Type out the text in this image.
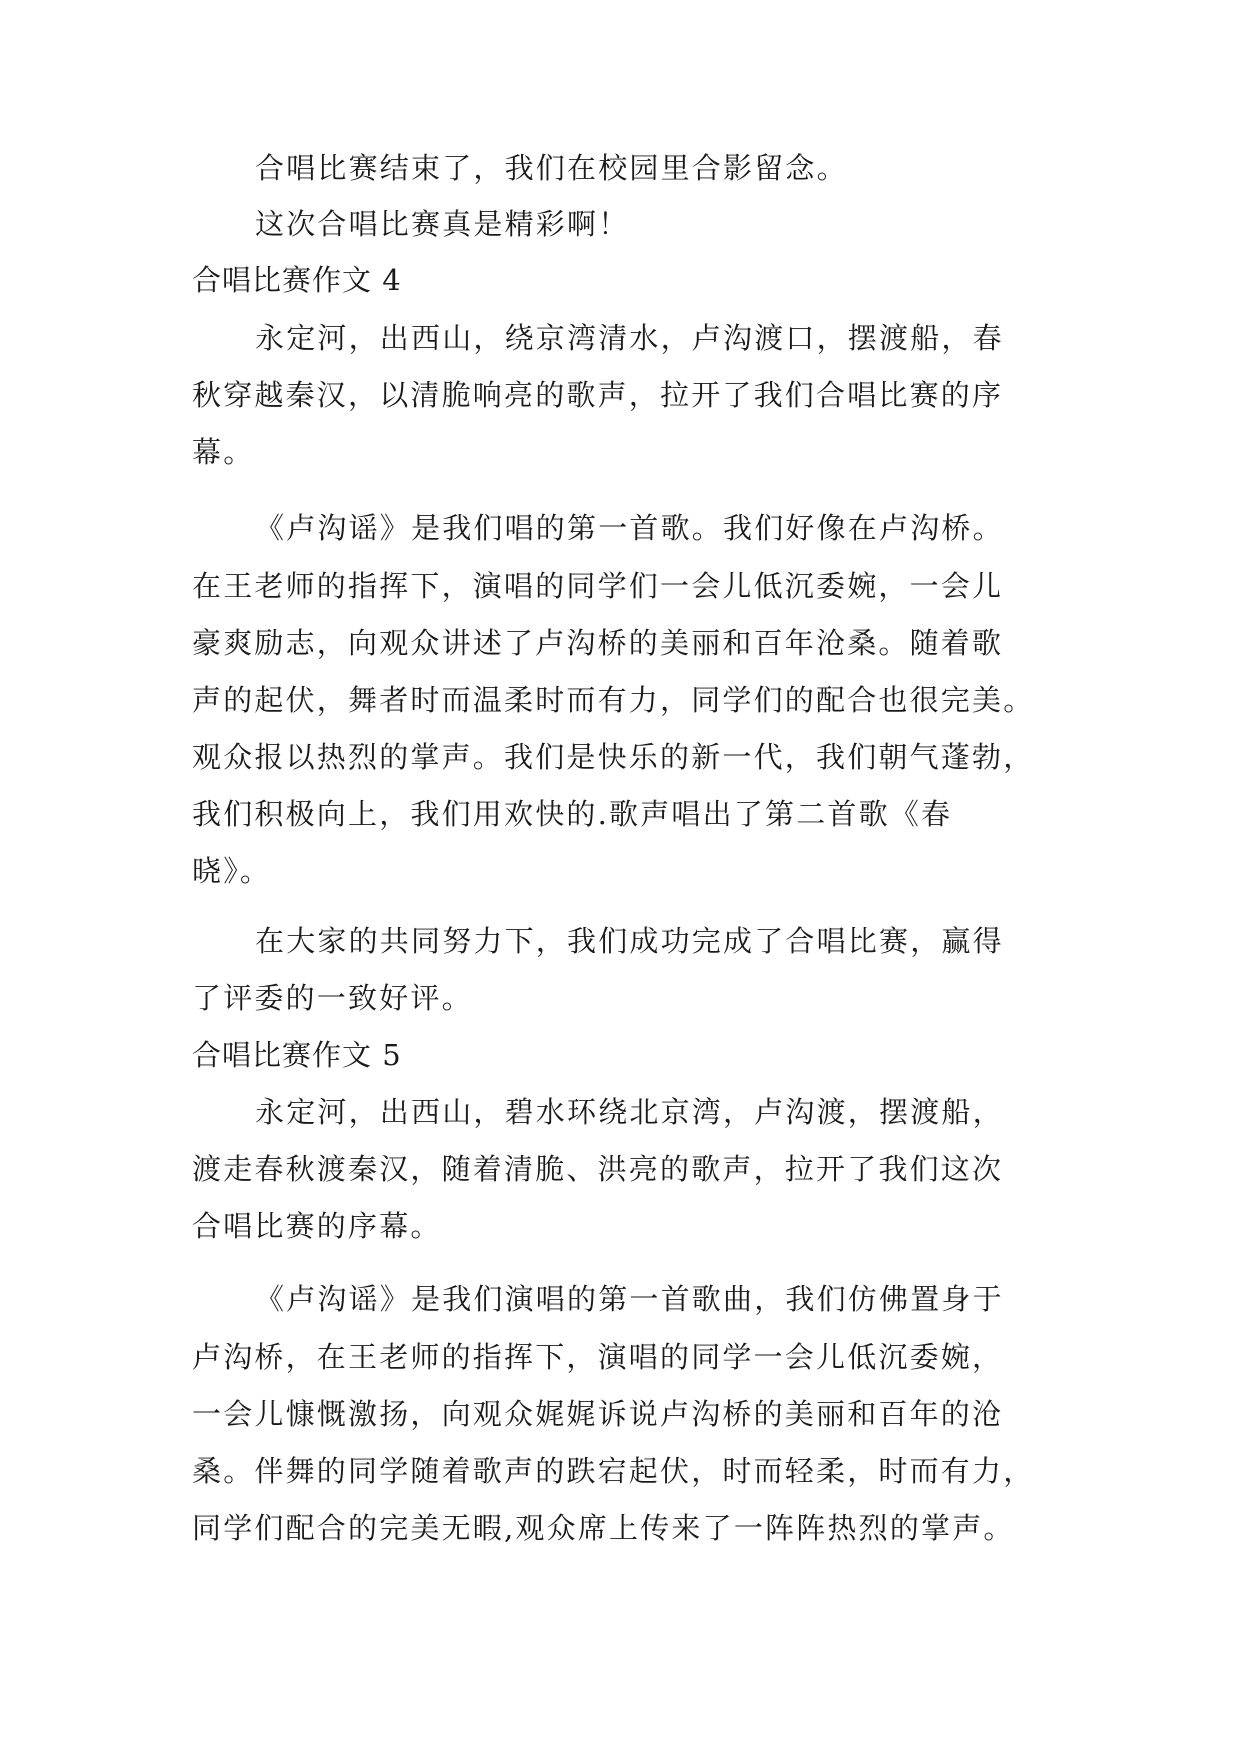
合唱比赛结束了，我们在校园里合影留念。
这次合唱比赛真是精彩啊！
合唱比赛作文 4
永定河，出西山，绕京湾清水，卢沟渡口，摆渡船，春
秋穿越秦汉，以清脆响亮的歌声，拉开了我们合唱比赛的序
幕。
《卢沟谣》是我们唱的第一首歌。我们好像在卢沟桥。
在王老师的指挥下，演唱的同学们一会儿低沉委婉，一会儿
豪爽励志，向观众讲述了卢沟桥的美丽和百年沧桑。随着歌
声的起伏，舞者时而温柔时而有力，同学们的配合也很完美。
观众报以热烈的掌声。我们是快乐的新一代，我们朝气蓬勃，
我们积极向上，我们用欢快的.歌声唱出了第二首歌《春
晓》。
在大家的共同努力下，我们成功完成了合唱比赛，赢得
了评委的一致好评。
合唱比赛作文 5
永定河，出西山，碧水环绕北京湾，卢沟渡，摆渡船，
渡走春秋渡秦汉，随着清脆、洪亮的歌声，拉开了我们这次
合唱比赛的序幕。
《卢沟谣》是我们演唱的第一首歌曲，我们仿佛置身于
卢沟桥，在王老师的指挥下，演唱的同学一会儿低沉委婉，
一会儿慷慨激扬，向观众娓娓诉说卢沟桥的美丽和百年的沧
桑。伴舞的同学随着歌声的跌宕起伏，时而轻柔，时而有力，
同学们配合的完美无暇,观众席上传来了一阵阵热烈的掌声。
